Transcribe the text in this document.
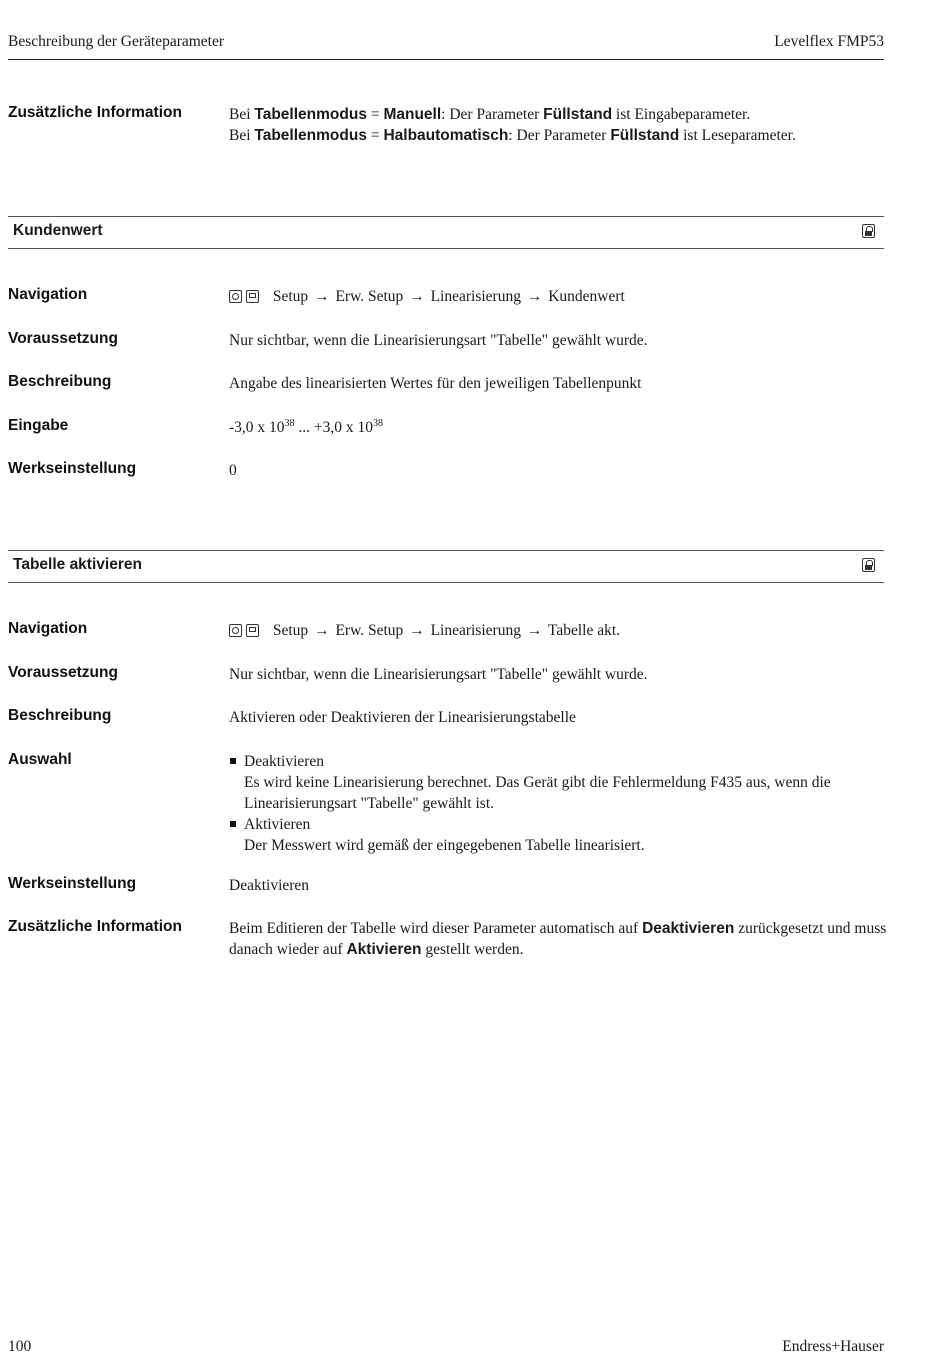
Beschreibung der Geräteparameter	Levelflex FMP53
Zusätzliche Information	Bei Tabellenmodus = Manuell: Der Parameter Füllstand ist Eingabeparameter.
Bei Tabellenmodus = Halbautomatisch: Der Parameter Füllstand ist Leseparameter.
Kundenwert
Navigation	Setup → Erw. Setup → Linearisierung → Kundenwert
Voraussetzung	Nur sichtbar, wenn die Linearisierungsart "Tabelle" gewählt wurde.
Beschreibung	Angabe des linearisierten Wertes für den jeweiligen Tabellenpunkt
Eingabe	-3,0 x $10^{38}$ ... +3,0 x $10^{38}$
Werkseinstellung	0
Tabelle aktivieren
Navigation	Setup → Erw. Setup → Linearisierung → Tabelle akt.
Voraussetzung	Nur sichtbar, wenn die Linearisierungsart "Tabelle" gewählt wurde.
Beschreibung	Aktivieren oder Deaktivieren der Linearisierungstabelle
Auswahl	Deaktivieren
Es wird keine Linearisierung berechnet. Das Gerät gibt die Fehlermeldung F435 aus, wenn die Linearisierungsart "Tabelle" gewählt ist.
Aktivieren
Der Messwert wird gemäß der eingegebenen Tabelle linearisiert.
Werkseinstellung	Deaktivieren
Zusätzliche Information	Beim Editieren der Tabelle wird dieser Parameter automatisch auf Deaktivieren zurückgesetzt und muss danach wieder auf Aktivieren gestellt werden.
100	Endress+Hauser
